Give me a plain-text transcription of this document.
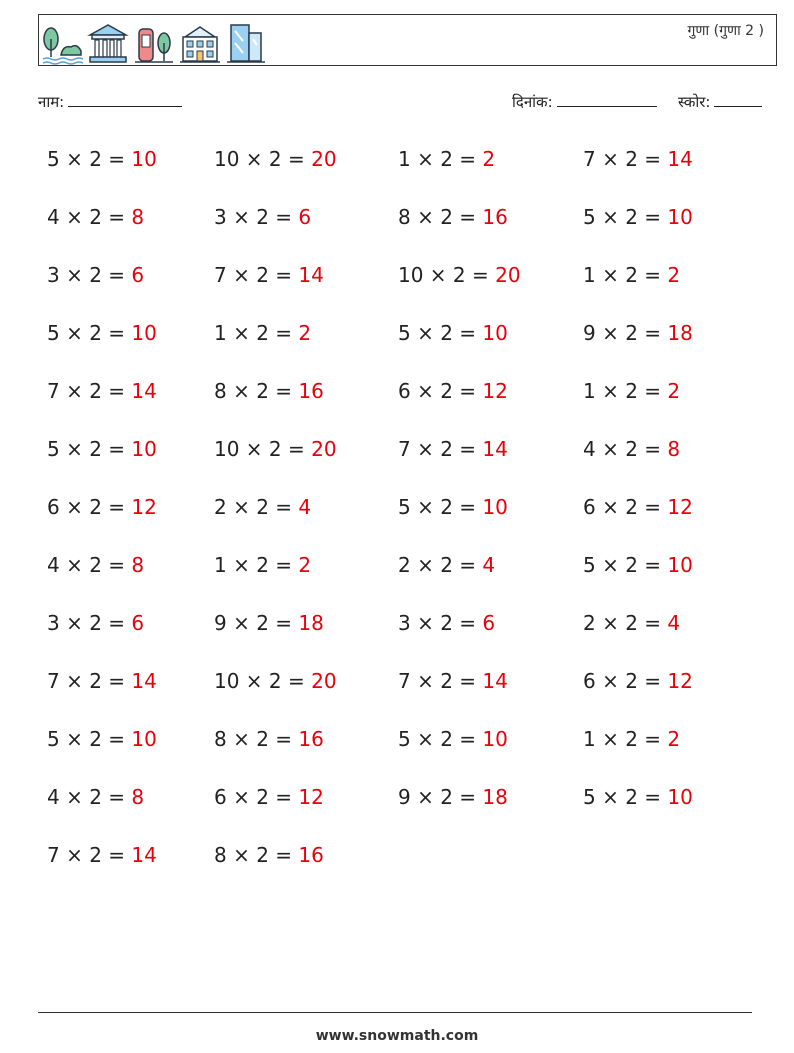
गुणा (गुणा 2 )
नाम:	दिनांक:	स्कोर:
5 × 2 = 10	10 × 2 = 20	1 × 2 = 2	7 × 2 = 14
4 × 2 = 8	3 × 2 = 6	8 × 2 = 16	5 × 2 = 10
3 × 2 = 6	7 × 2 = 14	10 × 2 = 20	1 × 2 = 2
5 × 2 = 10	1 × 2 = 2	5 × 2 = 10	9 × 2 = 18
7 × 2 = 14	8 × 2 = 16	6 × 2 = 12	1 × 2 = 2
5 × 2 = 10	10 × 2 = 20	7 × 2 = 14	4 × 2 = 8
6 × 2 = 12	2 × 2 = 4	5 × 2 = 10	6 × 2 = 12
4 × 2 = 8	1 × 2 = 2	2 × 2 = 4	5 × 2 = 10
3 × 2 = 6	9 × 2 = 18	3 × 2 = 6	2 × 2 = 4
7 × 2 = 14	10 × 2 = 20	7 × 2 = 14	6 × 2 = 12
5 × 2 = 10	8 × 2 = 16	5 × 2 = 10	1 × 2 = 2
4 × 2 = 8	6 × 2 = 12	9 × 2 = 18	5 × 2 = 10
7 × 2 = 14	8 × 2 = 16
www.snowmath.com
